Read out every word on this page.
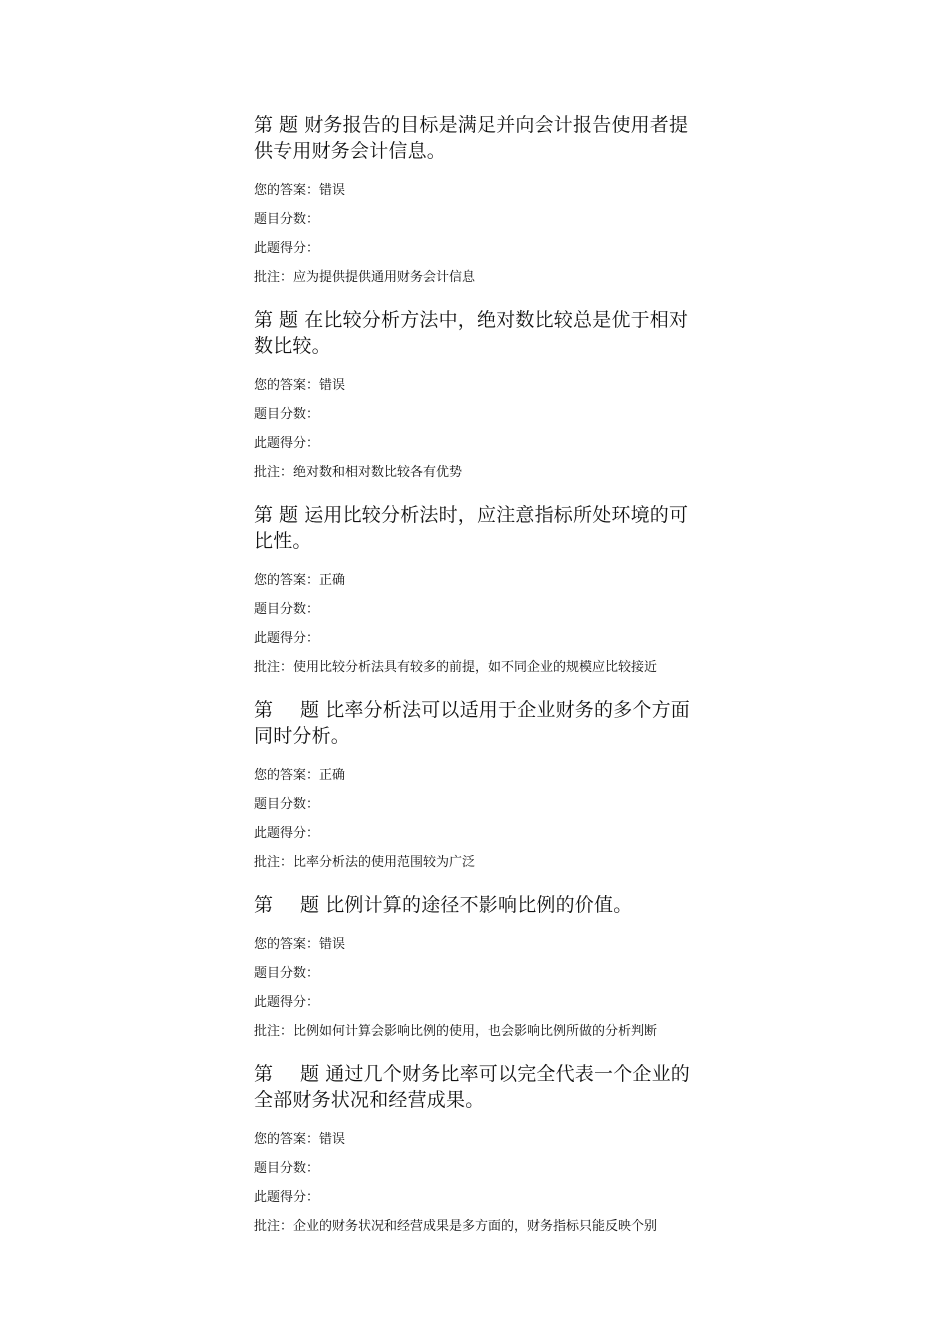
第 题 财务报告的目标是满足并向会计报告使用者提供专用财务会计信息。

您的答案：错误

题目分数：

此题得分：

批注：应为提供提供通用财务会计信息

第 题 在比较分析方法中，绝对数比较总是优于相对数比较。

您的答案：错误

题目分数：

此题得分：

批注：绝对数和相对数比较各有优势

第 题 运用比较分析法时，应注意指标所处环境的可比性。

您的答案：正确

题目分数：

此题得分：

批注：使用比较分析法具有较多的前提，如不同企业的规模应比较接近

第 题 比率分析法可以适用于企业财务的多个方面同时分析。

您的答案：正确

题目分数：

此题得分：

批注：比率分析法的使用范围较为广泛

第 题 比例计算的途径不影响比例的价值。

您的答案：错误

题目分数：

此题得分：

批注：比例如何计算会影响比例的使用，也会影响比例所做的分析判断

第 题 通过几个财务比率可以完全代表一个企业的全部财务状况和经营成果。

您的答案：错误

题目分数：

此题得分：

批注：企业的财务状况和经营成果是多方面的，财务指标只能反映个别
